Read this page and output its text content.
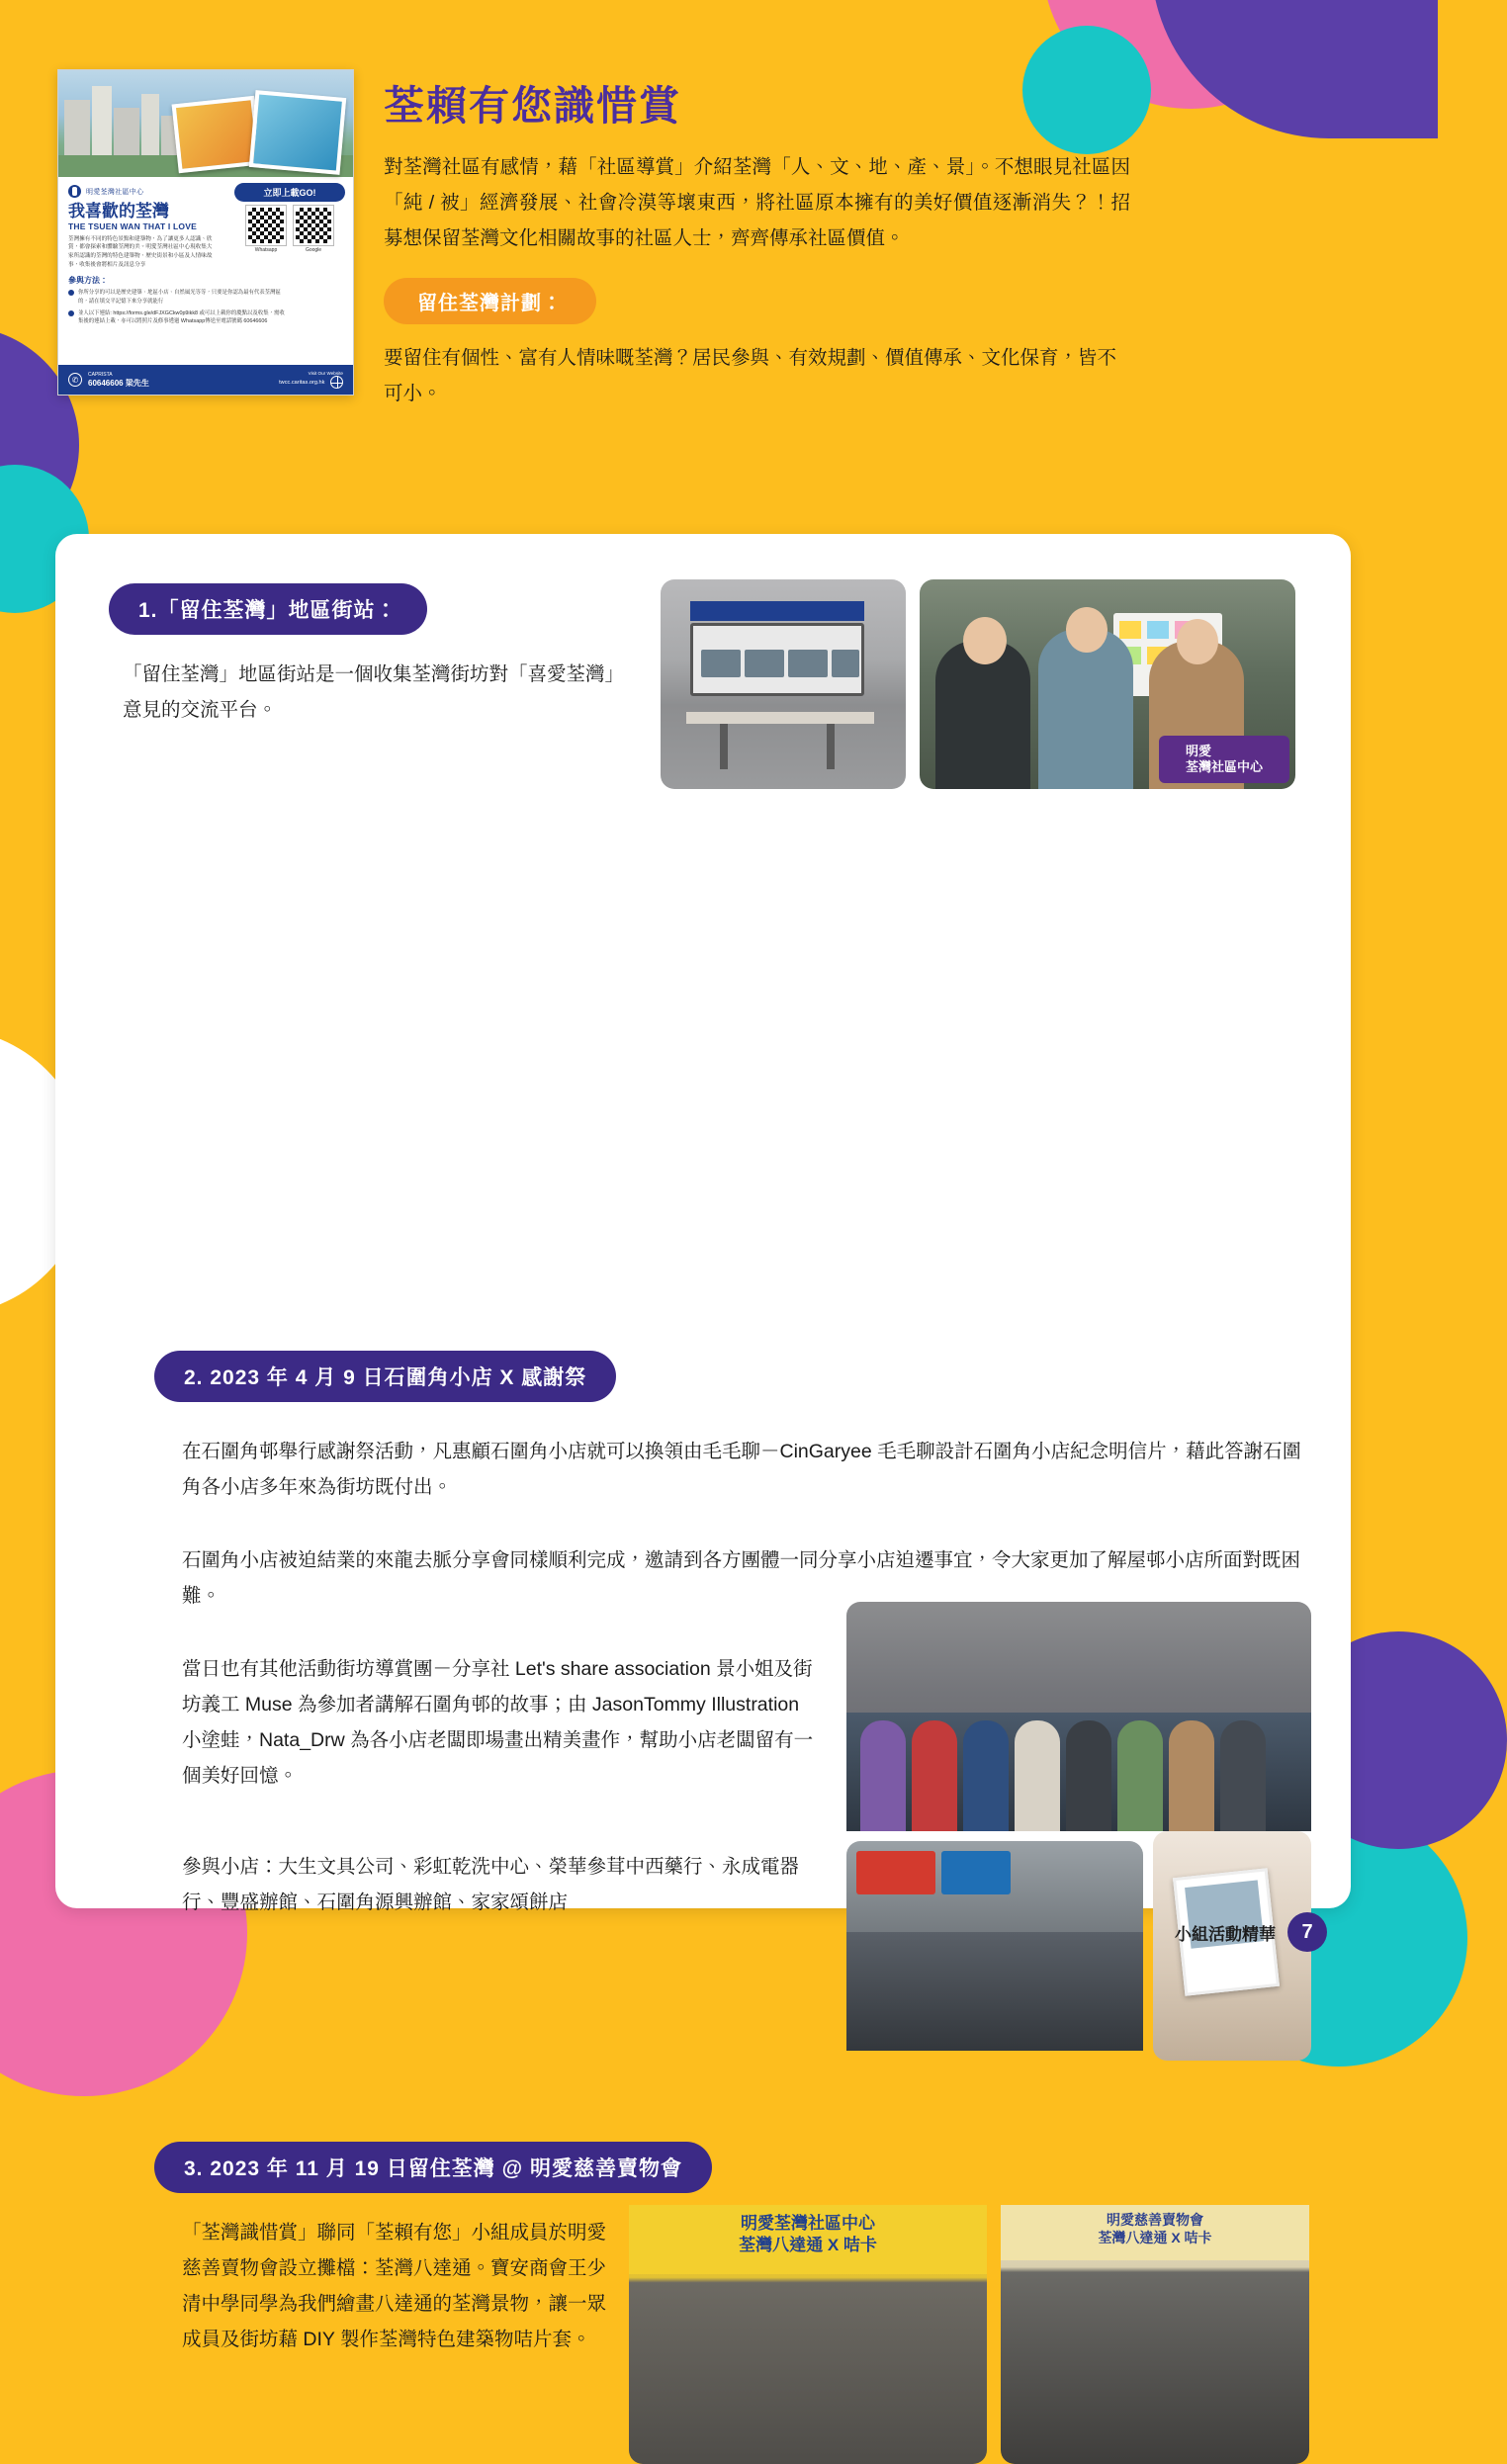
明愛荃灣社區中心
我喜歡的荃灣
THE TSUEN WAN THAT I LOVE
荃灣擁有不同的特色景點和建築物，為了讓更多人認識、欣賞，都會探索和體驗荃灣的美。明愛荃灣社區中心現收集大家所認識的荃灣的特色建築物、歷史街景和小區及人情味故事，收集後會將相片及訊息分享
參與方法：
你所分享的可以是歷史建築、地區小店、自然風光等等，只要是你認為最有代表荃灣區的，請在填交平記憶下來分享就能行
並人以下連結: https://forms.gle/dFJXGCkw0p9ikk8 或可以上載你的慶點以及收集，需收集後的連結上載，亦可以將照片及修事透過 Whatsapp傳送至電話號碼 60646606
立即上載GO!
Whatsapp	Google
✆
CAPRISTA
60646606 梁先生
Visit Our Website
twcc.caritas.org.hk
荃賴有您識惜賞
對荃灣社區有感情，藉「社區導賞」介紹荃灣「人、文、地、產、景」。不想眼見社區因「純 / 被」經濟發展、社會冷漠等壞東西，將社區原本擁有的美好價值逐漸消失？！招募想保留荃灣文化相關故事的社區人士，齊齊傳承社區價值。
留住荃灣計劃：
要留住有個性、富有人情味嘅荃灣？居民參與、有效規劃、價值傳承、文化保育，皆不可小。
1.「留住荃灣」地區街站：

「留住荃灣」地區街站是一個收集荃灣街坊對「喜愛荃灣」意見的交流平台。

明愛
荃灣社區中心
2. 2023 年 4 月 9 日石圍角小店 X 感謝祭
在石圍角邨舉行感謝祭活動，凡惠顧石圍角小店就可以換領由毛毛聊－CinGaryee 毛毛聊設計石圍角小店紀念明信片，藉此答謝石圍角各小店多年來為街坊既付出。
石圍角小店被迫結業的來龍去脈分享會同樣順利完成，邀請到各方團體一同分享小店迫遷事宜，令大家更加了解屋邨小店所面對既困難。
當日也有其他活動街坊導賞團－分享社 Let's share association 景小姐及街坊義工 Muse 為參加者講解石圍角邨的故事；由 JasonTommy Illustration 小塗蛙，Nata_Drw 為各小店老闆即場畫出精美畫作，幫助小店老闆留有一個美好回憶。
參與小店：大生文具公司、彩虹乾洗中心、榮華參茸中西藥行、永成電器行、豐盛辦館、石圍角源興辦館、家家頌餅店
3. 2023 年 11 月 19 日留住荃灣 @ 明愛慈善賣物會
「荃灣識惜賞」聯同「荃賴有您」小組成員於明愛慈善賣物會設立攤檔：荃灣八達通。寶安商會王少清中學同學為我們繪畫八達通的荃灣景物，讓一眾成員及街坊藉 DIY 製作荃灣特色建築物咭片套。
明愛荃灣社區中心
荃灣八達通 X 咭卡
明愛慈善賣物會
荃灣八達通 X 咭卡
小組活動精華	7
